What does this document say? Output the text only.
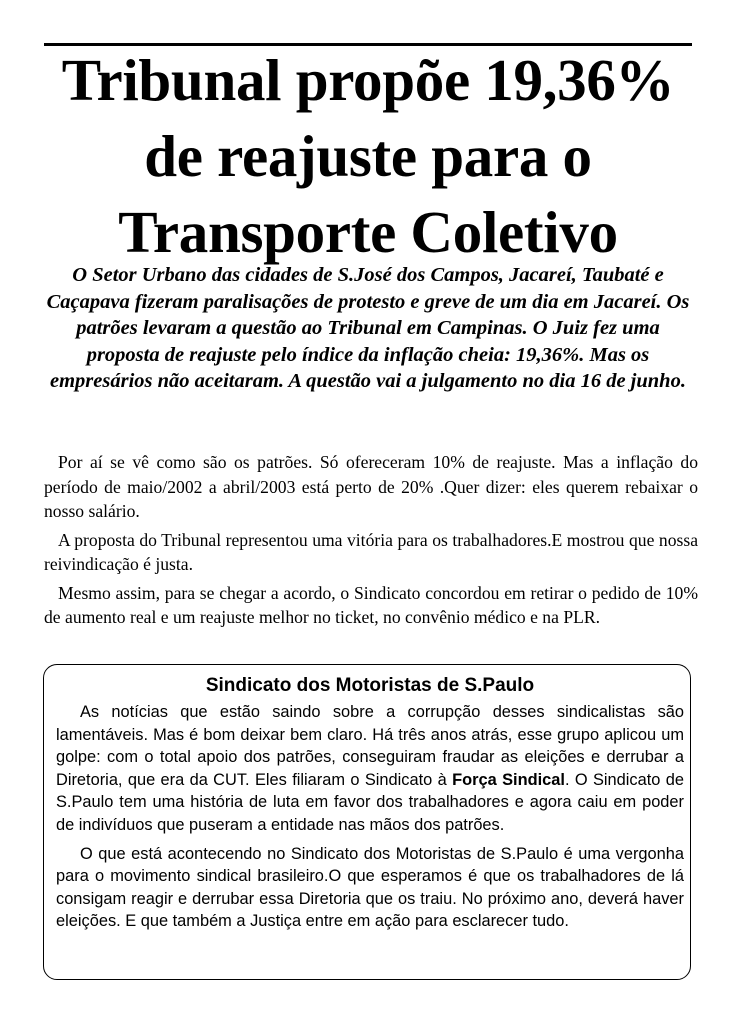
Tribunal propõe 19,36%
de reajuste para o
Transporte Coletivo

O Setor Urbano das cidades de S.José dos Campos, Jacareí, Taubaté e Caçapava fizeram paralisações de protesto e greve de um dia em Jacareí. Os patrões levaram a questão ao Tribunal em Campinas. O Juiz fez uma proposta de reajuste pelo índice da inflação cheia: 19,36%. Mas os empresários não aceitaram. A questão vai a julgamento no dia 16 de junho.

Por aí se vê como são os patrões. Só ofereceram 10% de reajuste. Mas a inflação do período de maio/2002 a abril/2003 está perto de 20% .Quer dizer: eles querem rebaixar o nosso salário.

A proposta do Tribunal representou uma vitória para os trabalhadores.E mostrou que nossa reivindicação é justa.

Mesmo assim, para se chegar a acordo, o Sindicato concordou em retirar o pedido de 10% de aumento real e um reajuste melhor no ticket, no convênio médico e na PLR.

Sindicato dos Motoristas de S.Paulo

As notícias que estão saindo sobre a corrupção desses sindicalistas são lamentáveis. Mas é bom deixar bem claro. Há três anos atrás, esse grupo aplicou um golpe: com o total apoio dos patrões, conseguiram fraudar as eleições e derrubar a Diretoria, que era da CUT. Eles filiaram o Sindicato à Força Sindical. O Sindicato de S.Paulo tem uma história de luta em favor dos trabalhadores e agora caiu em poder de indivíduos que puseram a entidade nas mãos dos patrões.

O que está acontecendo no Sindicato dos Motoristas de S.Paulo é uma vergonha para o movimento sindical brasileiro.O que esperamos é que os trabalhadores de lá consigam reagir e derrubar essa Diretoria que os traiu. No próximo ano, deverá haver eleições. E que também a Justiça entre em ação para esclarecer tudo.
